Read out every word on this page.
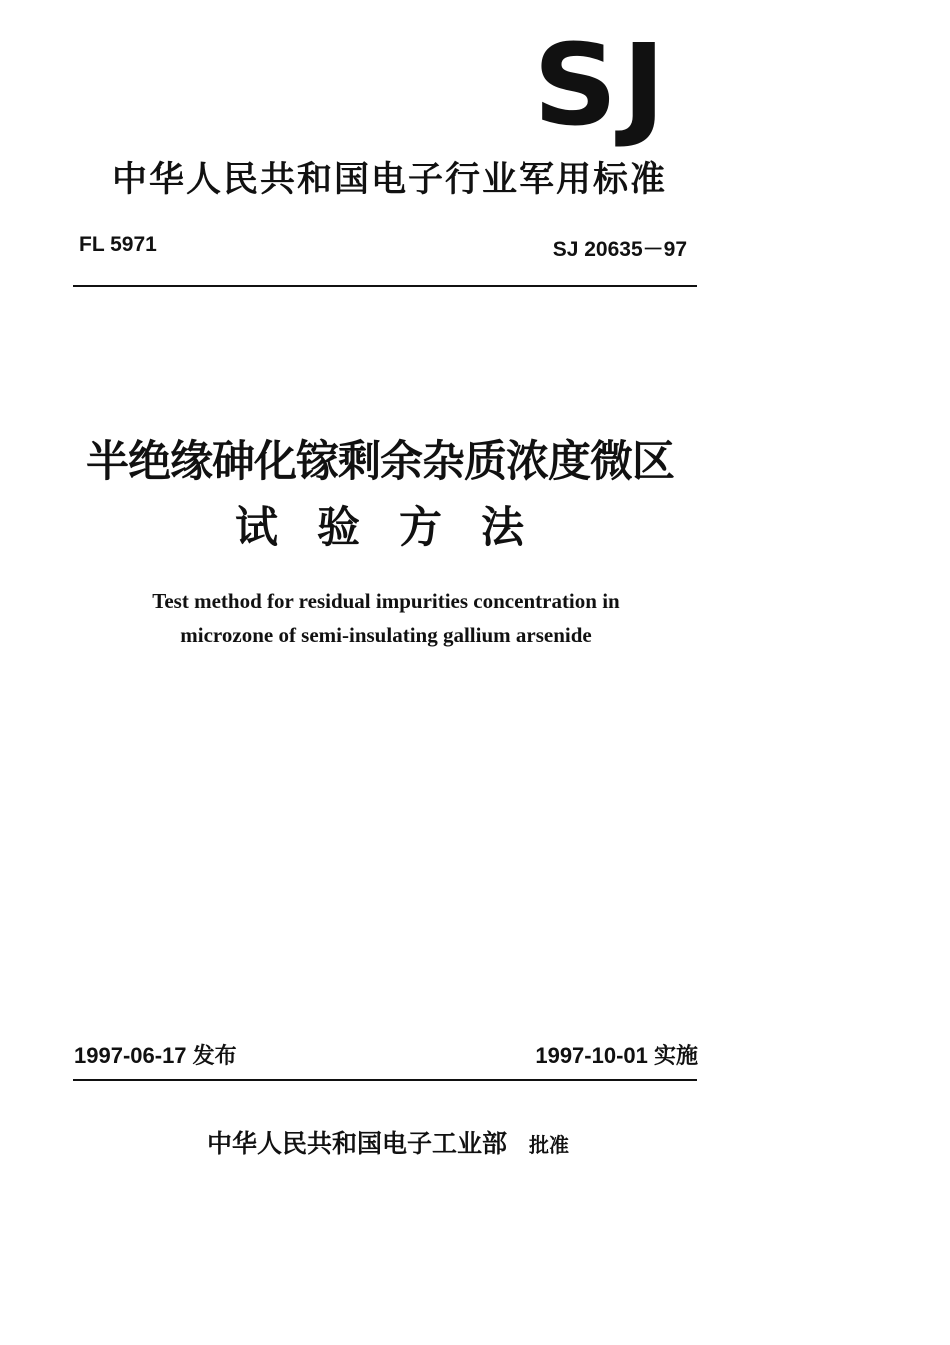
SJ
中华人民共和国电子行业军用标准
FL 5971	SJ 20635－97
半绝缘砷化镓剩余杂质浓度微区
试验方法
Test method for residual impurities concentration in
microzone of semi-insulating gallium arsenide
1997-06-17 发布	1997-10-01 实施
中华人民共和国电子工业部 批准
